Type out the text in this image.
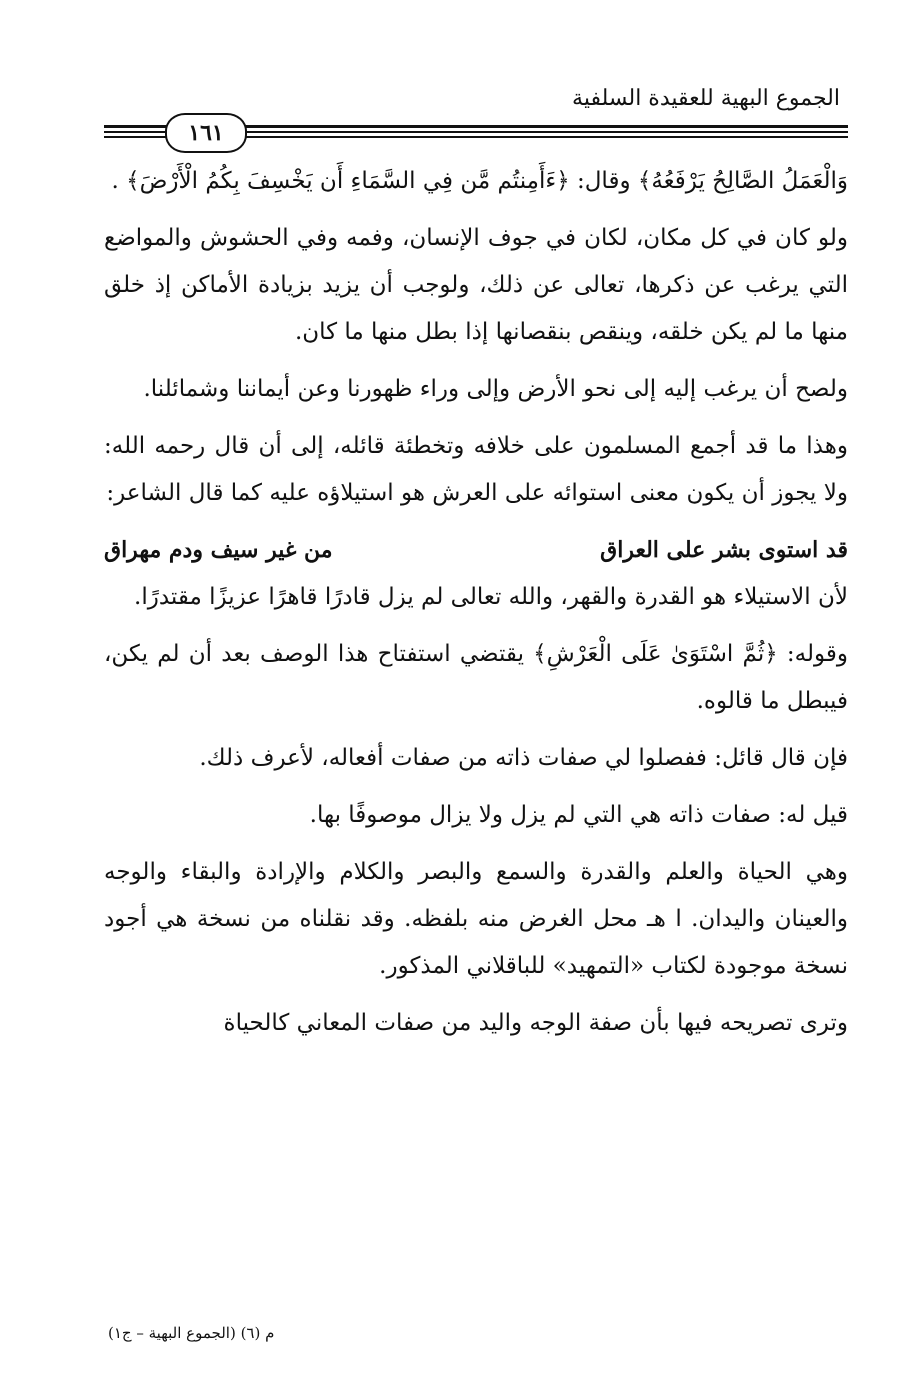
الجموع البهية للعقيدة السلفية
١٦١

وَالْعَمَلُ الصَّالِحُ يَرْفَعُهُ﴾ وقال: ﴿ءَأَمِنتُم مَّن فِي السَّمَاءِ أَن يَخْسِفَ بِكُمُ الْأَرْضَ﴾ .

ولو كان في كل مكان، لكان في جوف الإنسان، وفمه وفي الحشوش والمواضع التي يرغب عن ذكرها، تعالى عن ذلك، ولوجب أن يزيد بزيادة الأماكن إذ خلق منها ما لم يكن خلقه، وينقص بنقصانها إذا بطل منها ما كان.

ولصح أن يرغب إليه إلى نحو الأرض وإلى وراء ظهورنا وعن أيماننا وشمائلنا.

وهذا ما قد أجمع المسلمون على خلافه وتخطئة قائله، إلى أن قال رحمه الله: ولا يجوز أن يكون معنى استوائه على العرش هو استيلاؤه عليه كما قال الشاعر:

قد استوى بشر على العراق
من غير سيف ودم مهراق

لأن الاستيلاء هو القدرة والقهر، والله تعالى لم يزل قادرًا قاهرًا عزيزًا مقتدرًا.

وقوله: ﴿ثُمَّ اسْتَوَىٰ عَلَى الْعَرْشِ﴾ يقتضي استفتاح هذا الوصف بعد أن لم يكن، فيبطل ما قالوه.

فإن قال قائل: ففصلوا لي صفات ذاته من صفات أفعاله، لأعرف ذلك.

قيل له: صفات ذاته هي التي لم يزل ولا يزال موصوفًا بها.

وهي الحياة والعلم والقدرة والسمع والبصر والكلام والإرادة والبقاء والوجه والعينان واليدان. ا هـ محل الغرض منه بلفظه. وقد نقلناه من نسخة هي أجود نسخة موجودة لكتاب «التمهيد» للباقلاني المذكور.

وترى تصريحه فيها بأن صفة الوجه واليد من صفات المعاني كالحياة

م (٦) (الجموع البهية – ج١)
